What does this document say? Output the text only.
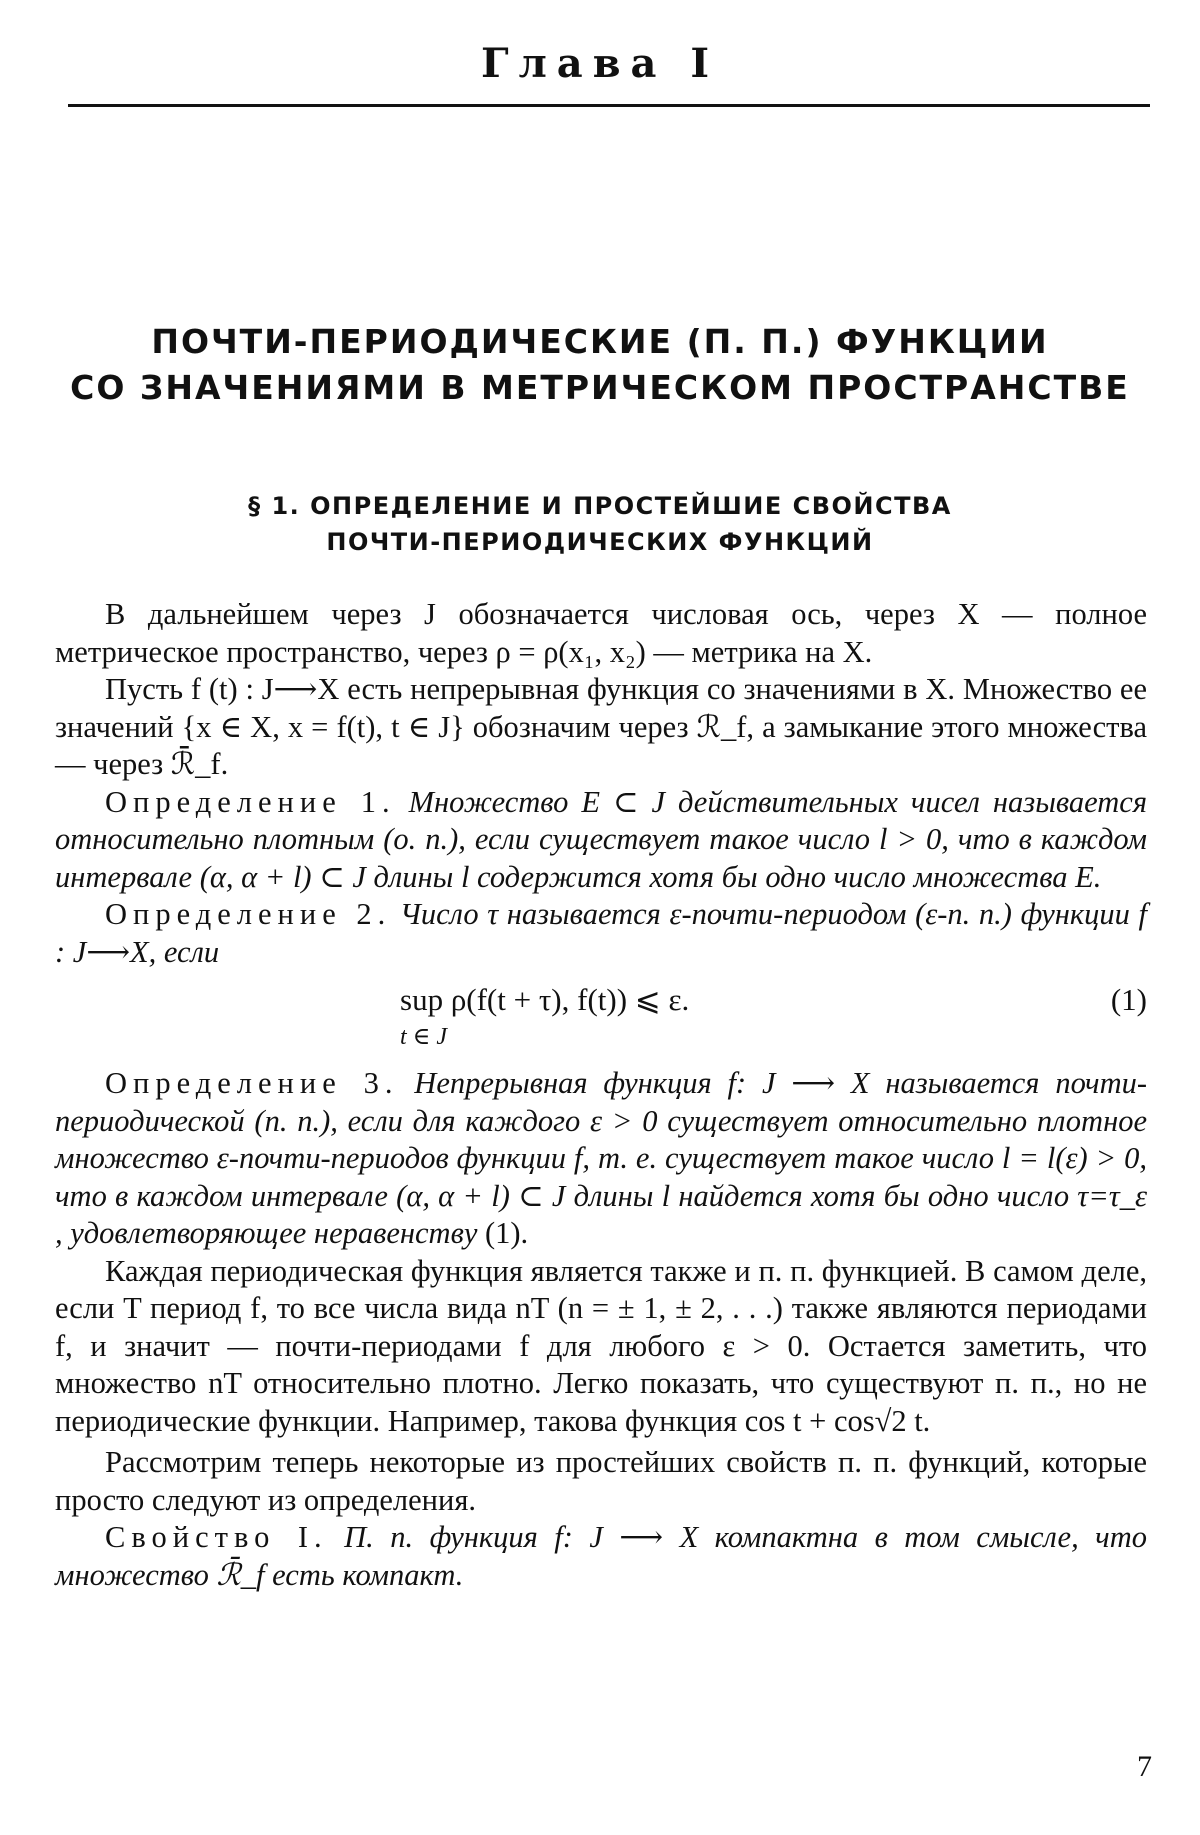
Глава I
ПОЧТИ-ПЕРИОДИЧЕСКИЕ (П. П.) ФУНКЦИИ
СО ЗНАЧЕНИЯМИ В МЕТРИЧЕСКОМ ПРОСТРАНСТВЕ
§ 1. ОПРЕДЕЛЕНИЕ И ПРОСТЕЙШИЕ СВОЙСТВА
ПОЧТИ-ПЕРИОДИЧЕСКИХ ФУНКЦИЙ

В дальнейшем через J обозначается числовая ось, через X — полное метрическое пространство, через ρ = ρ(x₁, x₂) — метрика на X.

Пусть f (t) : J⟶X есть непрерывная функция со значениями в X. Множество ее значений {x ∈ X, x = f(t), t ∈ J} обозначим через ℛ_f, а замыкание этого множества — через ℛ̄_f.

Определение 1. Множество E ⊂ J действительных чисел называется относительно плотным (о. п.), если существует такое число l > 0, что в каждом интервале (α, α + l) ⊂ J длины l содержится хотя бы одно число множества E.

Определение 2. Число τ называется ε-почти-периодом (ε-п. п.) функции f : J⟶X, если

sup ρ(f(t + τ), f(t)) ⩽ ε.
t ∈ J
(1)

Определение 3. Непрерывная функция f: J ⟶ X называется почти-периодической (п. п.), если для каждого ε > 0 существует относительно плотное множество ε-почти-периодов функции f, т. е. существует такое число l = l(ε) > 0, что в каждом интервале (α, α + l) ⊂ J длины l найдется хотя бы одно число τ=τ_ε , удовлетворяющее неравенству (1).

Каждая периодическая функция является также и п. п. функцией. В самом деле, если T период f, то все числа вида nT (n = ± 1, ± 2, . . .) также являются периодами f, и значит — почти-периодами f для любого ε > 0. Остается заметить, что множество nT относительно плотно. Легко показать, что существуют п. п., но не периодические функции. Например, такова функция cos t + cos√2 t.

Рассмотрим теперь некоторые из простейших свойств п. п. функций, которые просто следуют из определения.

Свойство I. П. п. функция f: J ⟶ X компактна в том смысле, что множество ℛ̄_f есть компакт.

7
